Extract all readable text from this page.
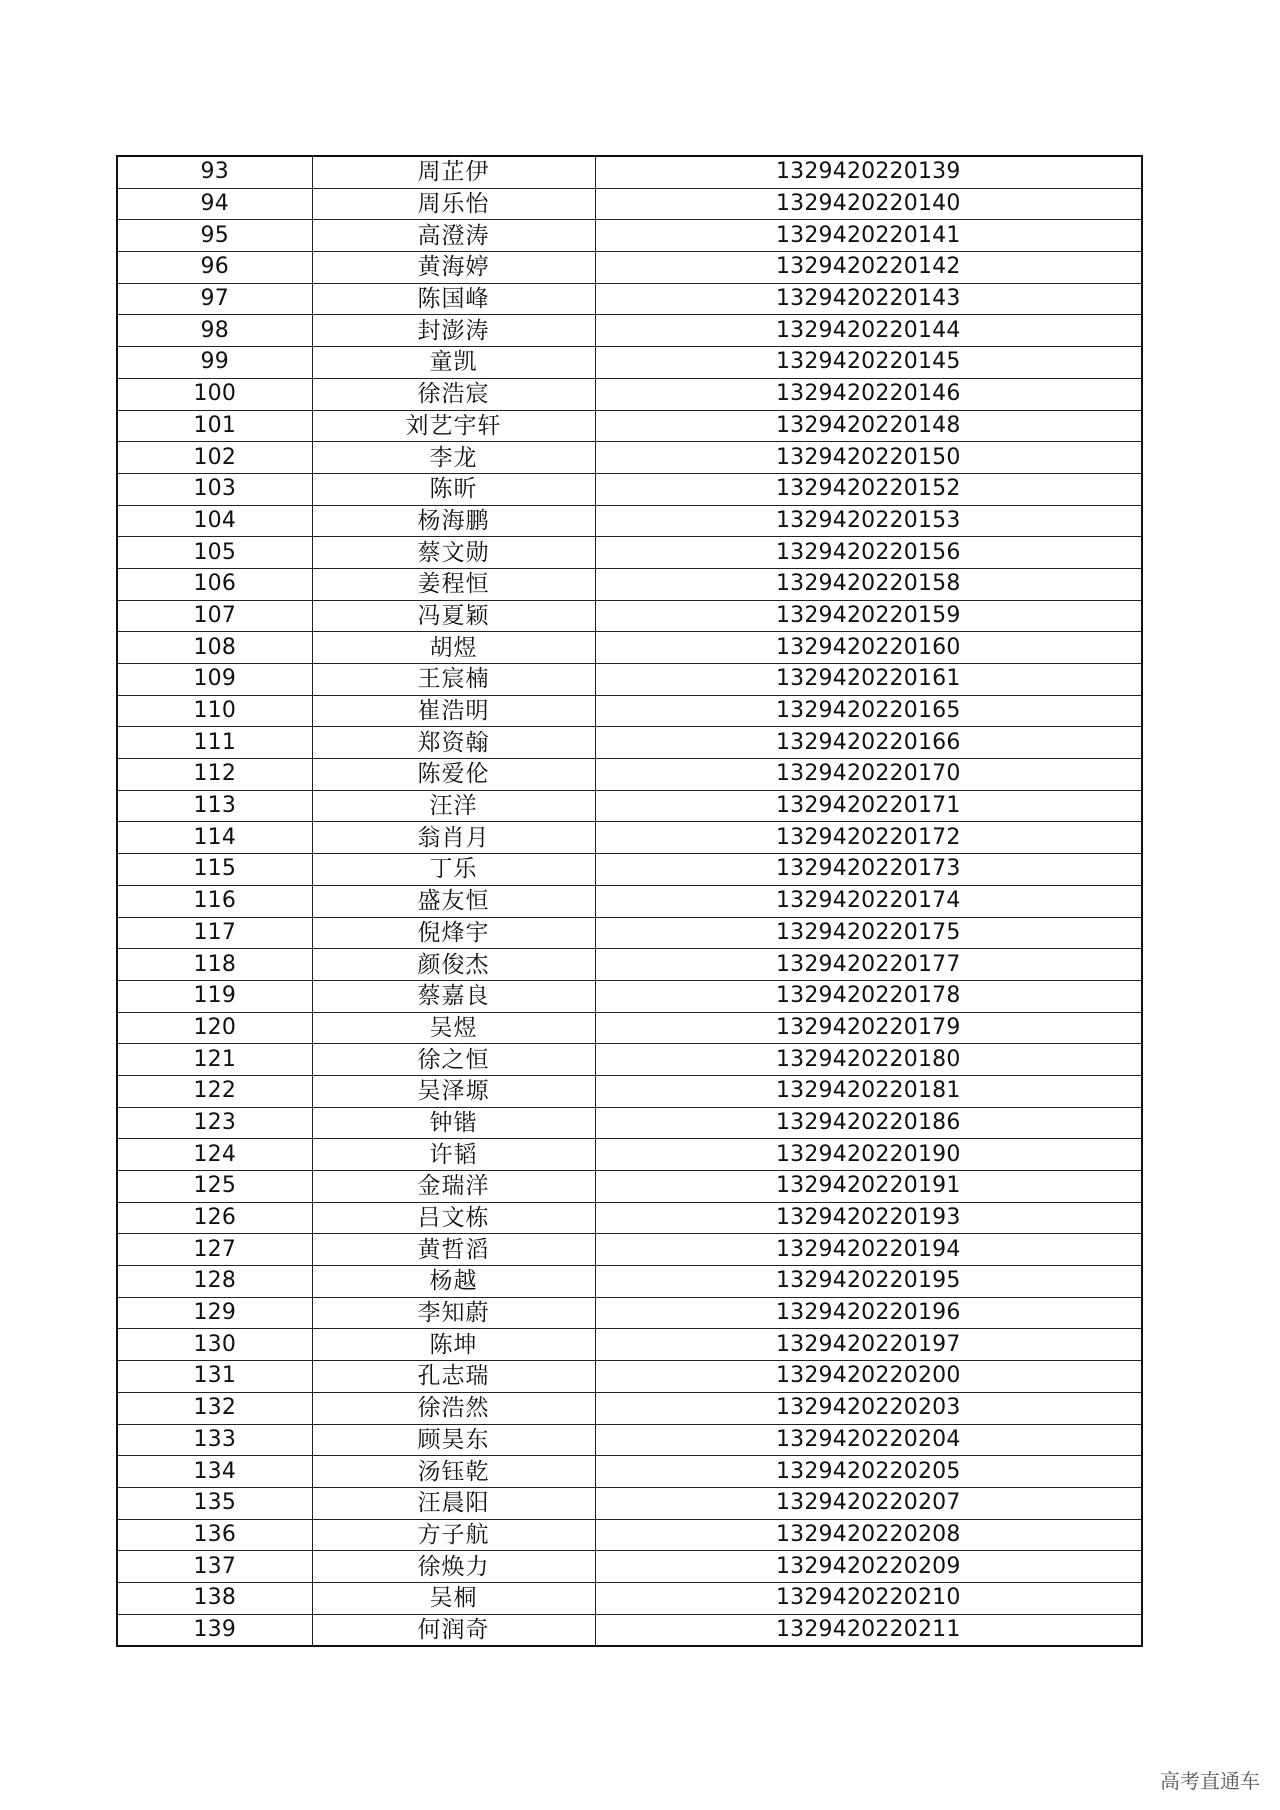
93	周芷伊	1329420220139
94	周乐怡	1329420220140
95	高澄涛	1329420220141
96	黄海婷	1329420220142
97	陈国峰	1329420220143
98	封澎涛	1329420220144
99	童凯	1329420220145
100	徐浩宸	1329420220146
101	刘艺宇轩	1329420220148
102	李龙	1329420220150
103	陈昕	1329420220152
104	杨海鹏	1329420220153
105	蔡文勋	1329420220156
106	姜程恒	1329420220158
107	冯夏颖	1329420220159
108	胡煜	1329420220160
109	王宸楠	1329420220161
110	崔浩明	1329420220165
111	郑资翰	1329420220166
112	陈爱伦	1329420220170
113	汪洋	1329420220171
114	翁肖月	1329420220172
115	丁乐	1329420220173
116	盛友恒	1329420220174
117	倪烽宇	1329420220175
118	颜俊杰	1329420220177
119	蔡嘉良	1329420220178
120	吴煜	1329420220179
121	徐之恒	1329420220180
122	吴泽塬	1329420220181
123	钟锴	1329420220186
124	许韬	1329420220190
125	金瑞洋	1329420220191
126	吕文栋	1329420220193
127	黄哲滔	1329420220194
128	杨越	1329420220195
129	李知蔚	1329420220196
130	陈坤	1329420220197
131	孔志瑞	1329420220200
132	徐浩然	1329420220203
133	顾昊东	1329420220204
134	汤钰乾	1329420220205
135	汪晨阳	1329420220207
136	方子航	1329420220208
137	徐焕力	1329420220209
138	吴桐	1329420220210
139	何润奇	1329420220211
高考直通车
